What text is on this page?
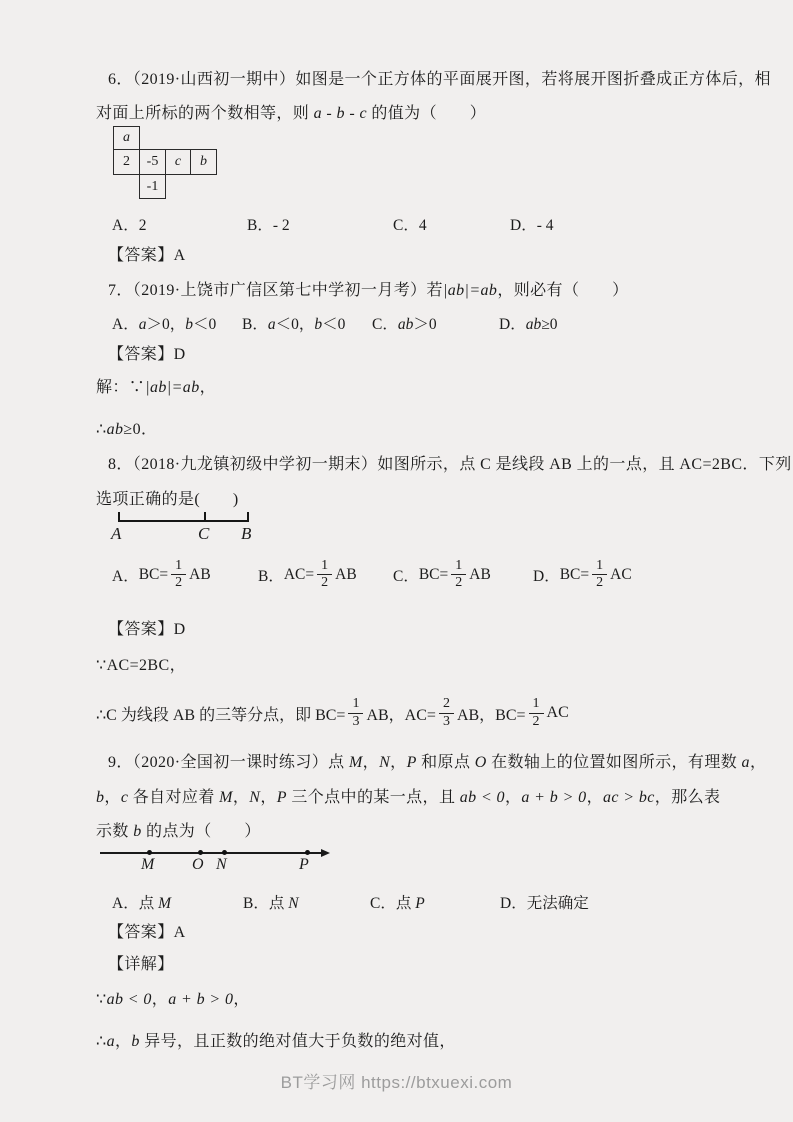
6．（2019·山西初一期中）如图是一个正方体的平面展开图，若将展开图折叠成正方体后，相
对面上所标的两个数相等，则 a - b - c 的值为（　　）
a
2	-5	c	b
-1
A．2	B．- 2	C．4	D．- 4
【答案】A
7．（2019·上饶市广信区第七中学初一月考）若|ab|=ab，则必有（　　）
A．a＞0，b＜0 B．a＜0，b＜0 C．ab＞0	D．ab≥0
【答案】D
解：∵|ab|=ab，
∴ab≥0．
8．（2018·九龙镇初级中学初一期末）如图所示，点 C 是线段 AB 上的一点，且 AC=2BC．下列
选项正确的是(　　)
A	C B
A． $BC= \frac{1}{2}$ AB	B． $AC= \frac{1}{2}$ AB C． $BC= \frac{1}{2}$ AB	D． $BC= \frac{1}{2}$ AC
【答案】D
∵AC=2BC，
∴C 为线段 AB 的三等分点，即 $BC= \frac{1}{3}$ AB，$AC= \frac{2}{3}$ AB，$BC= \frac{1}{2}$ AC
9．（2020·全国初一课时练习）点 M，N，P 和原点 O 在数轴上的位置如图所示，有理数 a，
b，c 各自对应着 M，N，P 三个点中的某一点，且 ab < 0，a + b > 0，ac > bc，那么表
示数 b 的点为（　　）
M O N	P
A．点 M	B．点 N	C．点 P	D．无法确定
【答案】A
【详解】
∵ab < 0，a + b > 0，
∴a，b 异号，且正数的绝对值大于负数的绝对值，
BT学习网 https://btxuexi.com
